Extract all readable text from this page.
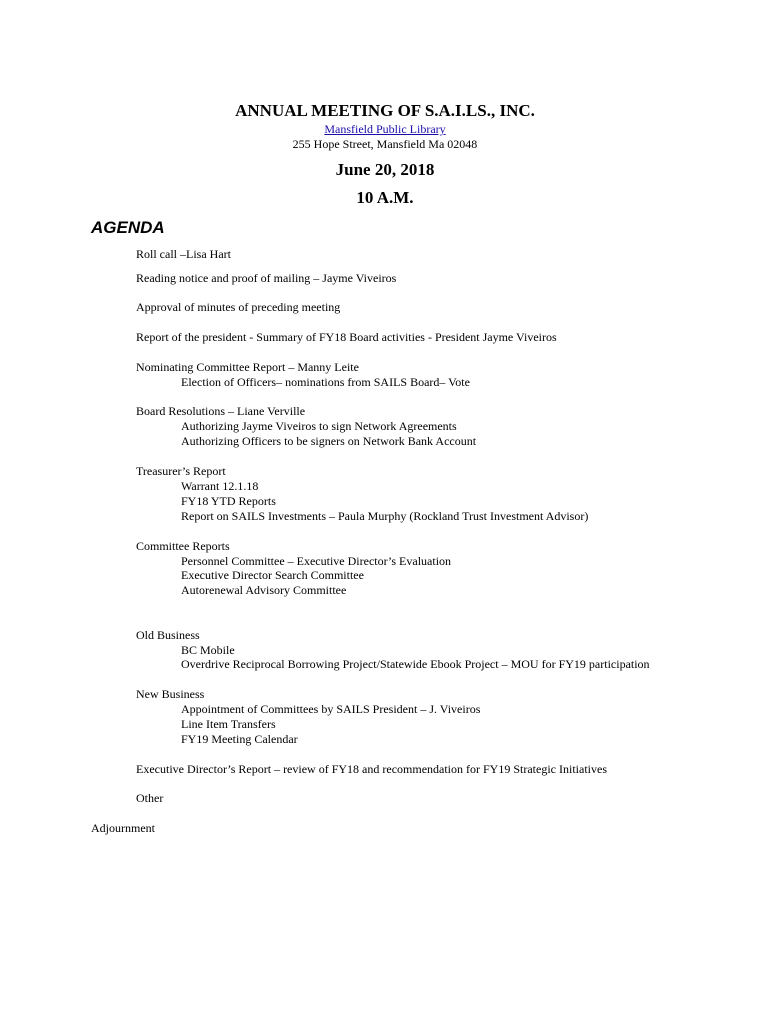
ANNUAL MEETING OF S.A.I.LS., INC.
Mansfield Public Library
255 Hope Street, Mansfield Ma 02048
June 20, 2018
10 A.M.
AGENDA
Roll call –Lisa Hart
Reading notice and proof of mailing – Jayme Viveiros
Approval of minutes of preceding meeting
Report of the president - Summary of FY18 Board activities - President Jayme Viveiros
Nominating Committee Report – Manny Leite
Election of Officers– nominations from SAILS Board– Vote
Board Resolutions – Liane Verville
Authorizing Jayme Viveiros to sign Network Agreements
Authorizing Officers to be signers on Network Bank Account
Treasurer’s Report
Warrant 12.1.18
FY18 YTD Reports
Report on SAILS Investments – Paula Murphy (Rockland Trust Investment Advisor)
Committee Reports
Personnel Committee – Executive Director’s Evaluation
Executive Director Search Committee
Autorenewal Advisory Committee
Old Business
BC Mobile
Overdrive Reciprocal Borrowing Project/Statewide Ebook Project – MOU for FY19 participation
New Business
Appointment of Committees by SAILS President – J. Viveiros
Line Item Transfers
FY19 Meeting Calendar
Executive Director’s Report – review of FY18 and recommendation for FY19 Strategic Initiatives
Other
Adjournment
